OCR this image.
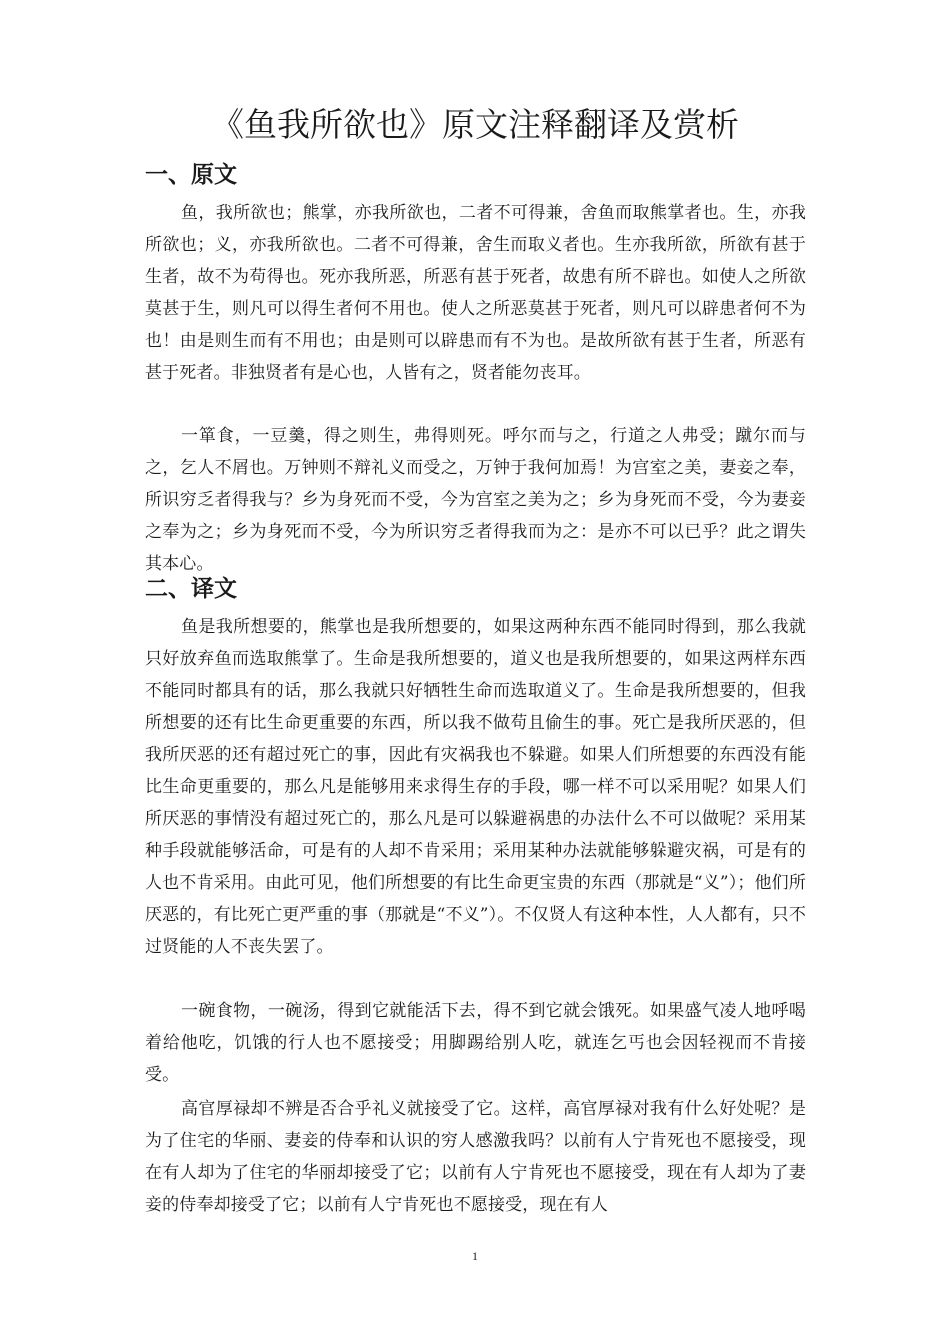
《鱼我所欲也》原文注释翻译及赏析
一、原文

鱼，我所欲也；熊掌，亦我所欲也，二者不可得兼，舍鱼而取熊掌者也。生，亦我所欲也；义，亦我所欲也。二者不可得兼，舍生而取义者也。生亦我所欲，所欲有甚于生者，故不为苟得也。死亦我所恶，所恶有甚于死者，故患有所不辟也。如使人之所欲莫甚于生，则凡可以得生者何不用也。使人之所恶莫甚于死者，则凡可以辟患者何不为也！由是则生而有不用也；由是则可以辟患而有不为也。是故所欲有甚于生者，所恶有甚于死者。非独贤者有是心也，人皆有之，贤者能勿丧耳。

一箪食，一豆羹，得之则生，弗得则死。呼尔而与之，行道之人弗受；蹴尔而与之，乞人不屑也。万钟则不辩礼义而受之，万钟于我何加焉！为宫室之美，妻妾之奉，所识穷乏者得我与？乡为身死而不受，今为宫室之美为之；乡为身死而不受，今为妻妾之奉为之；乡为身死而不受，今为所识穷乏者得我而为之：是亦不可以已乎？此之谓失其本心。

二、译文

鱼是我所想要的，熊掌也是我所想要的，如果这两种东西不能同时得到，那么我就只好放弃鱼而选取熊掌了。生命是我所想要的，道义也是我所想要的，如果这两样东西不能同时都具有的话，那么我就只好牺牲生命而选取道义了。生命是我所想要的，但我所想要的还有比生命更重要的东西，所以我不做苟且偷生的事。死亡是我所厌恶的，但我所厌恶的还有超过死亡的事，因此有灾祸我也不躲避。如果人们所想要的东西没有能比生命更重要的，那么凡是能够用来求得生存的手段，哪一样不可以采用呢？如果人们所厌恶的事情没有超过死亡的，那么凡是可以躲避祸患的办法什么不可以做呢？采用某种手段就能够活命，可是有的人却不肯采用；采用某种办法就能够躲避灾祸，可是有的人也不肯采用。由此可见，他们所想要的有比生命更宝贵的东西（那就是“义”）；他们所厌恶的，有比死亡更严重的事（那就是“不义”）。不仅贤人有这种本性，人人都有，只不过贤能的人不丧失罢了。

一碗食物，一碗汤，得到它就能活下去，得不到它就会饿死。如果盛气凌人地呼喝着给他吃，饥饿的行人也不愿接受；用脚踢给别人吃，就连乞丐也会因轻视而不肯接受。

高官厚禄却不辨是否合乎礼义就接受了它。这样，高官厚禄对我有什么好处呢？是为了住宅的华丽、妻妾的侍奉和认识的穷人感激我吗？以前有人宁肯死也不愿接受，现在有人却为了住宅的华丽却接受了它；以前有人宁肯死也不愿接受，现在有人却为了妻妾的侍奉却接受了它；以前有人宁肯死也不愿接受，现在有人

1
